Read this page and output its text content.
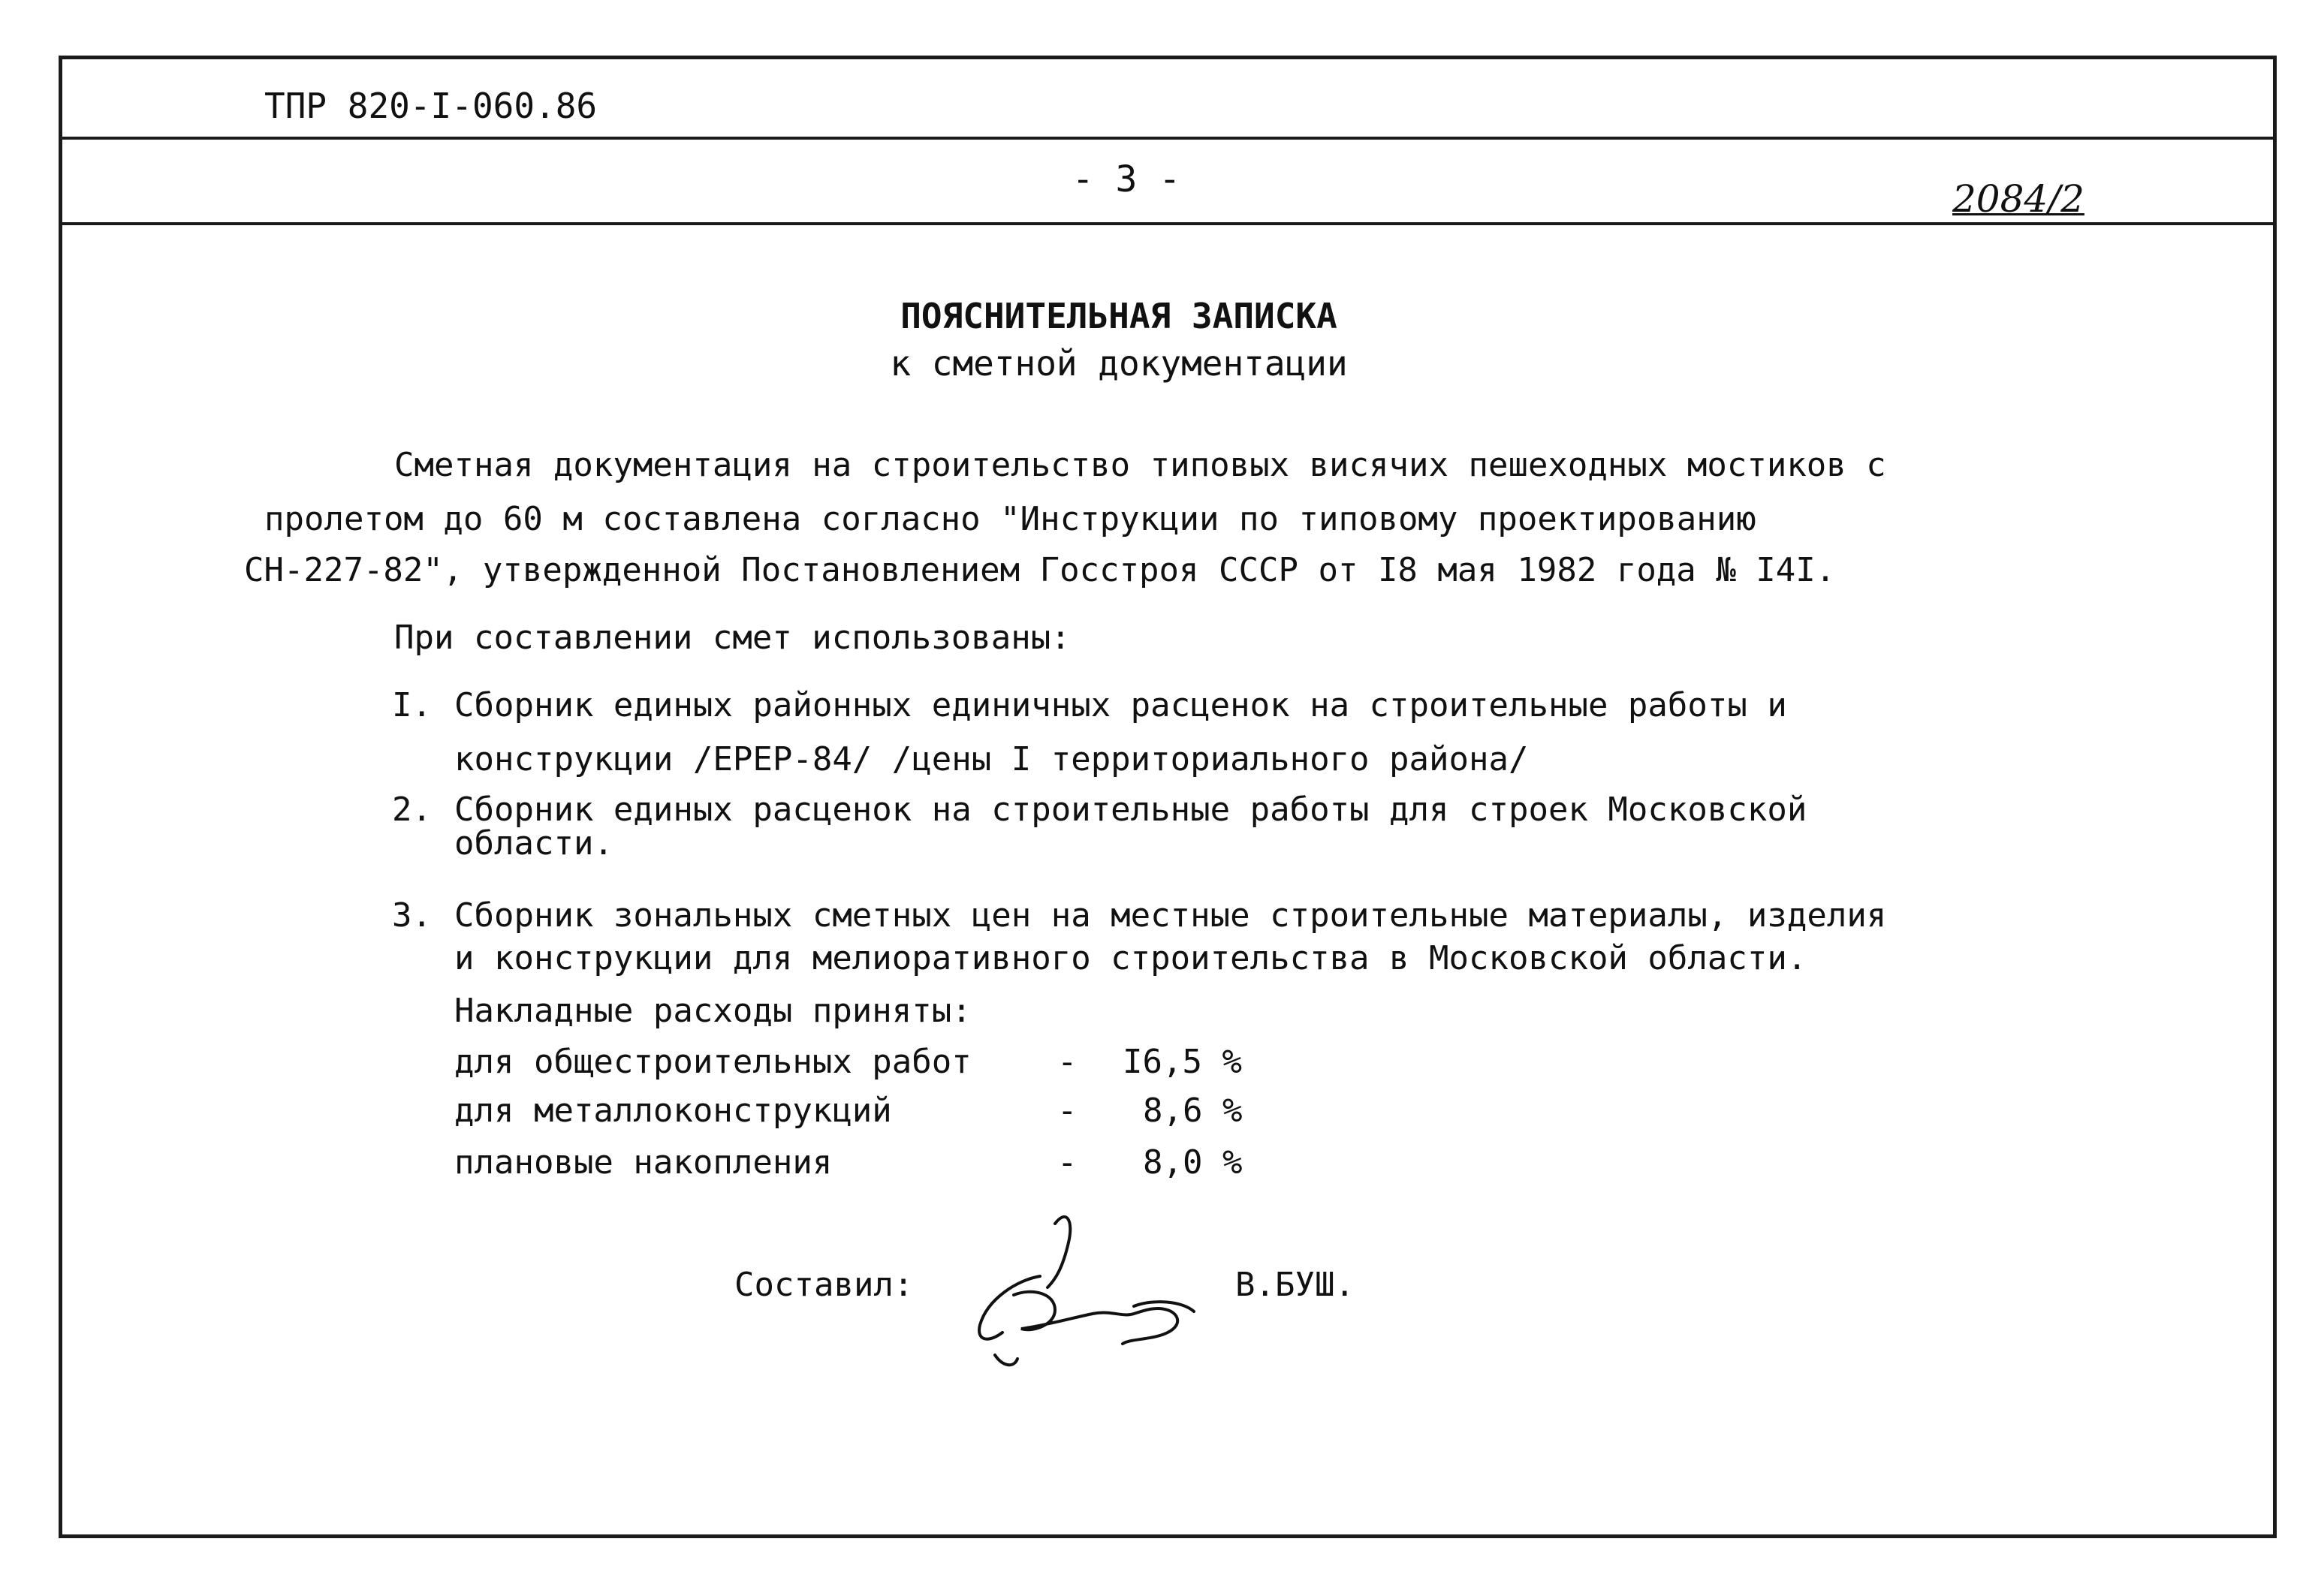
ТПР 820-I-060.86
- 3 -	2084/2
ПОЯСНИТЕЛЬНАЯ ЗАПИСКА
к сметной документации
Сметная документация на строительство типовых висячих пешеходных мостиков с
пролетом до 60 м составлена согласно "Инструкции по типовому проектированию
СН-227-82", утвержденной Постановлением Госстроя СССР от I8 мая 1982 года № I4I.
При составлении смет использованы:
I. Сборник единых районных единичных расценок на строительные работы и
конструкции /ЕРЕР-84/ /цены I территориального района/
2. Сборник единых расценок на строительные работы для строек Московской
области.
3. Сборник зональных сметных цен на местные строительные материалы, изделия
и конструкции для мелиоративного строительства в Московской области.
Накладные расходы приняты:
для общестроительных работ	- I6,5 %
для металлоконструкций	- 8,6 %
плановые накопления	- 8,0 %
Составил:	В.БУШ.
